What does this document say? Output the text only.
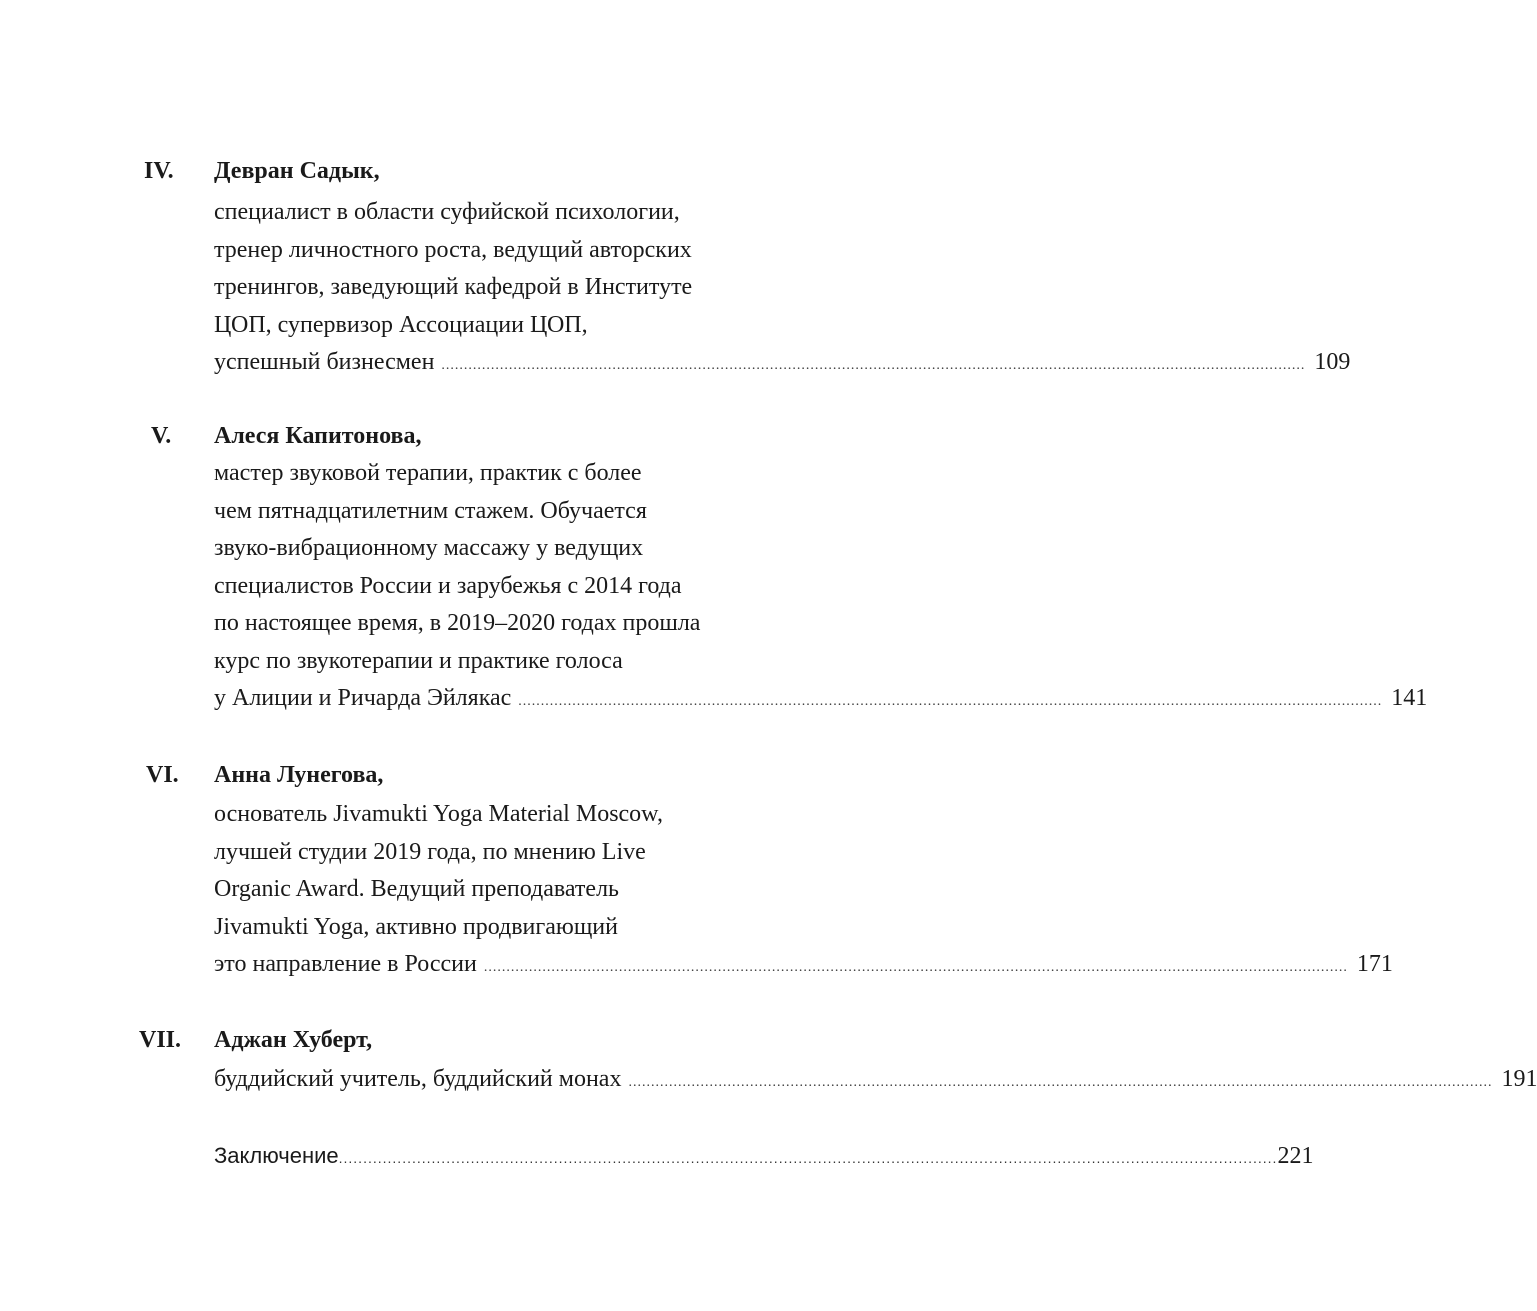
IV.	Девран Садык,
специалист в области суфийской психологии,
тренер личностного роста, ведущий авторских
тренингов, заведующий кафедрой в Институте
ЦОП, супервизор Ассоциации ЦОП,
успешный бизнесмен .....	109
V.	Алеся Капитонова,
мастер звуковой терапии, практик с более
чем пятнадцатилетним стажем. Обучается
звуко-вибрационному массажу у ведущих
специалистов России и зарубежья с 2014 года
по настоящее время, в 2019–2020 годах прошла
курс по звукотерапии и практике голоса
у Алиции и Ричарда Эйлякас .....	141
VI.	Анна Лунегова,
основатель Jivamukti Yoga Material Moscow,
лучшей студии 2019 года, по мнению Live
Organic Award. Ведущий преподаватель
Jivamukti Yoga, активно продвигающий
это направление в России .....	171
VII.	Аджан Хуберт,
буддийский учитель, буддийский монах .....	191
Заключение .....	221
